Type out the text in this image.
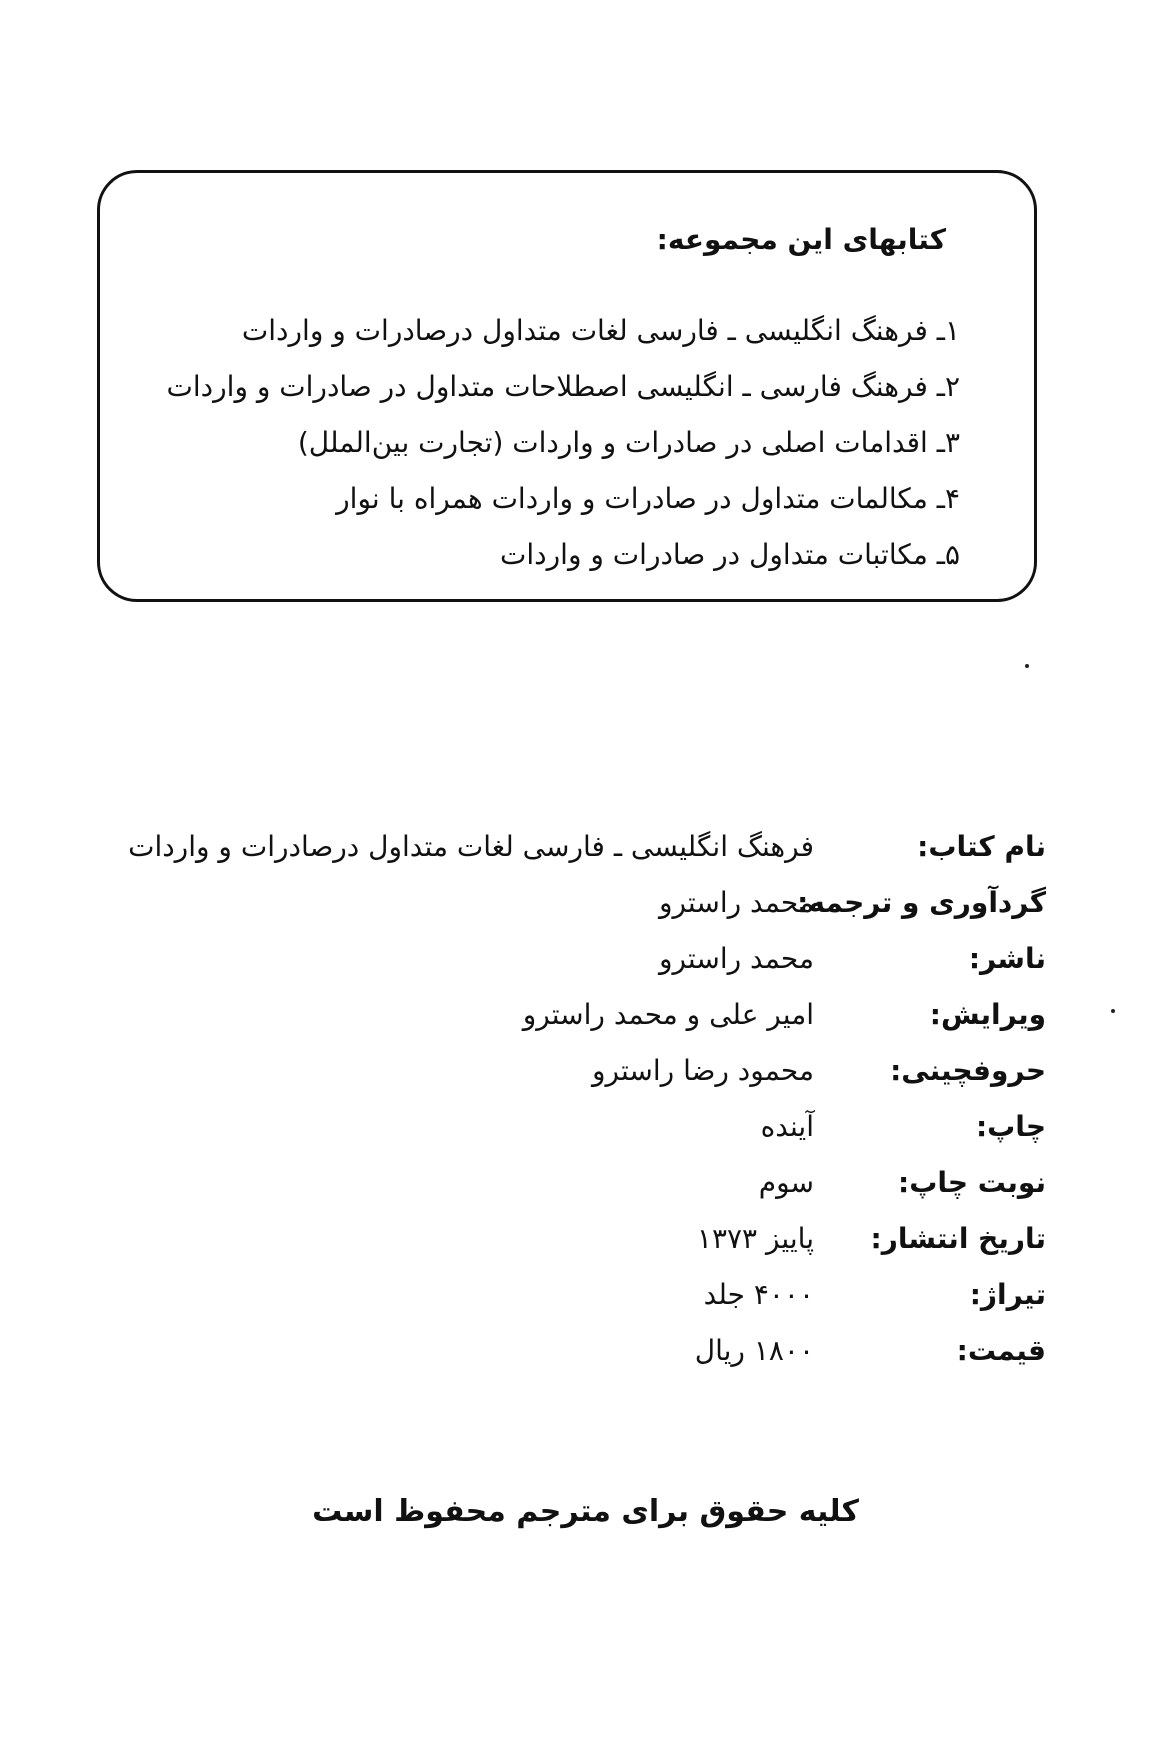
کتابهای این مجموعه:
۱ـ فرهنگ انگلیسی ـ فارسی لغات متداول درصادرات و واردات
۲ـ فرهنگ فارسی ـ انگلیسی اصطلاحات متداول در صادرات و واردات
۳ـ اقدامات اصلی در صادرات و واردات (تجارت بین‌الملل)
۴ـ مکالمات متداول در صادرات و واردات همراه با نوار
۵ـ مکاتبات متداول در صادرات و واردات
نام کتاب:
فرهنگ انگلیسی ـ فارسی لغات متداول درصادرات و واردات
گردآوری و ترجمه:
محمد راسترو
ناشر:
محمد راسترو
ویرایش:
امیر علی و محمد راسترو
حروفچینی:
محمود رضا راسترو
چاپ:
آینده
نوبت چاپ:
سوم
تاریخ انتشار:
پاییز ۱۳۷۳
تیراژ:
۴۰۰۰ جلد
قیمت:
۱۸۰۰ ریال
کلیه حقوق برای مترجم محفوظ است
